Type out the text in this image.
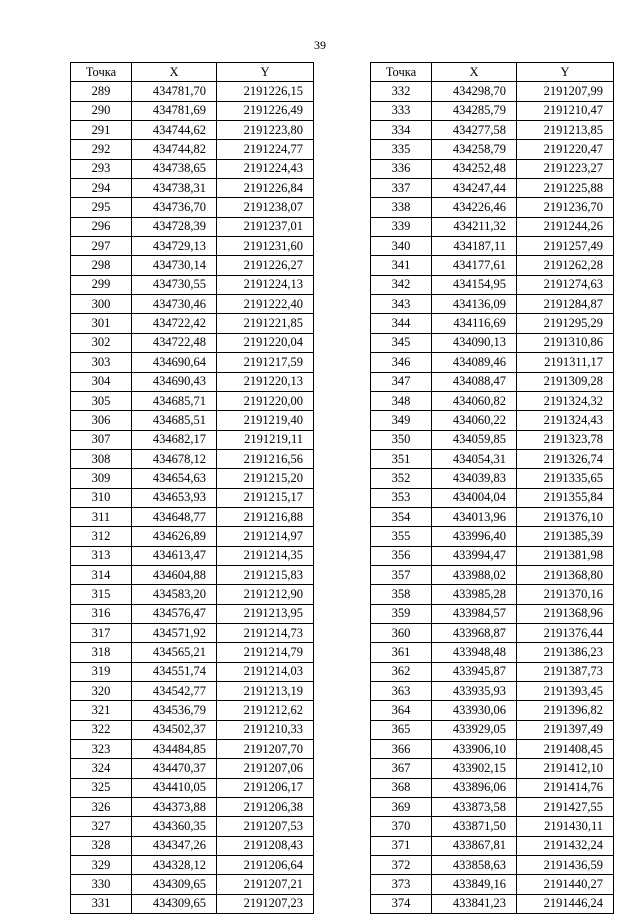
39
Точка	X	Y
289	434781,70	2191226,15
290	434781,69	2191226,49
291	434744,62	2191223,80
292	434744,82	2191224,77
293	434738,65	2191224,43
294	434738,31	2191226,84
295	434736,70	2191238,07
296	434728,39	2191237,01
297	434729,13	2191231,60
298	434730,14	2191226,27
299	434730,55	2191224,13
300	434730,46	2191222,40
301	434722,42	2191221,85
302	434722,48	2191220,04
303	434690,64	2191217,59
304	434690,43	2191220,13
305	434685,71	2191220,00
306	434685,51	2191219,40
307	434682,17	2191219,11
308	434678,12	2191216,56
309	434654,63	2191215,20
310	434653,93	2191215,17
311	434648,77	2191216,88
312	434626,89	2191214,97
313	434613,47	2191214,35
314	434604,88	2191215,83
315	434583,20	2191212,90
316	434576,47	2191213,95
317	434571,92	2191214,73
318	434565,21	2191214,79
319	434551,74	2191214,03
320	434542,77	2191213,19
321	434536,79	2191212,62
322	434502,37	2191210,33
323	434484,85	2191207,70
324	434470,37	2191207,06
325	434410,05	2191206,17
326	434373,88	2191206,38
327	434360,35	2191207,53
328	434347,26	2191208,43
329	434328,12	2191206,64
330	434309,65	2191207,21
331	434309,65	2191207,23
Точка	X	Y
332	434298,70	2191207,99
333	434285,79	2191210,47
334	434277,58	2191213,85
335	434258,79	2191220,47
336	434252,48	2191223,27
337	434247,44	2191225,88
338	434226,46	2191236,70
339	434211,32	2191244,26
340	434187,11	2191257,49
341	434177,61	2191262,28
342	434154,95	2191274,63
343	434136,09	2191284,87
344	434116,69	2191295,29
345	434090,13	2191310,86
346	434089,46	2191311,17
347	434088,47	2191309,28
348	434060,82	2191324,32
349	434060,22	2191324,43
350	434059,85	2191323,78
351	434054,31	2191326,74
352	434039,83	2191335,65
353	434004,04	2191355,84
354	434013,96	2191376,10
355	433996,40	2191385,39
356	433994,47	2191381,98
357	433988,02	2191368,80
358	433985,28	2191370,16
359	433984,57	2191368,96
360	433968,87	2191376,44
361	433948,48	2191386,23
362	433945,87	2191387,73
363	433935,93	2191393,45
364	433930,06	2191396,82
365	433929,05	2191397,49
366	433906,10	2191408,45
367	433902,15	2191412,10
368	433896,06	2191414,76
369	433873,58	2191427,55
370	433871,50	2191430,11
371	433867,81	2191432,24
372	433858,63	2191436,59
373	433849,16	2191440,27
374	433841,23	2191446,24
